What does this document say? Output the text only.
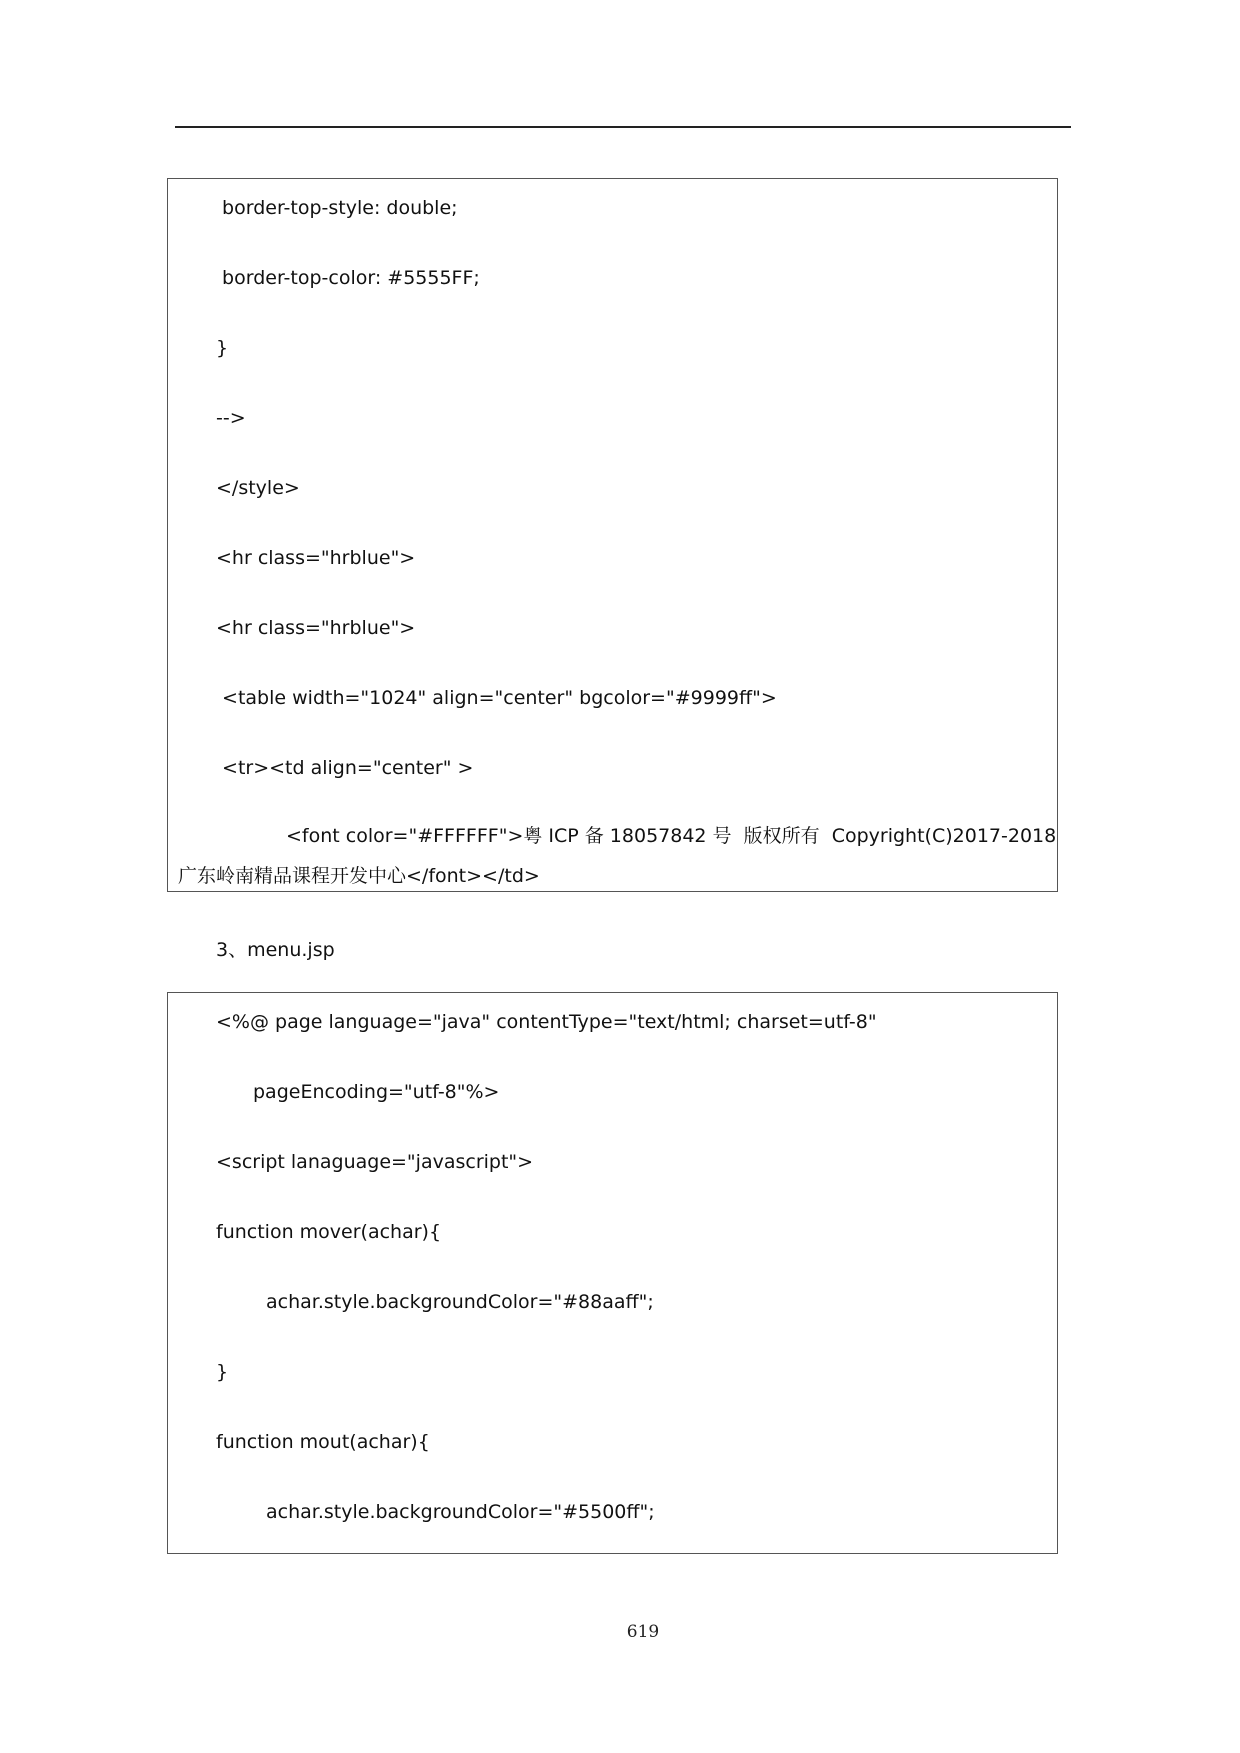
border-top-style: double;
border-top-color: #5555FF;
}
-->
</style>
<hr class="hrblue">
<hr class="hrblue">
<table width="1024" align="center" bgcolor="#9999ff">
<tr><td align="center" >
<font color="#FFFFFF">粤 ICP 备 18057842 号  版权所有  Copyright(C)2017-2018
广东岭南精品课程开发中心</font></td>
3、menu.jsp
<%@ page language="java" contentType="text/html; charset=utf-8"
pageEncoding="utf-8"%>
<script lanaguage="javascript">
function mover(achar){
achar.style.backgroundColor="#88aaff";
}
function mout(achar){
achar.style.backgroundColor="#5500ff";
619
